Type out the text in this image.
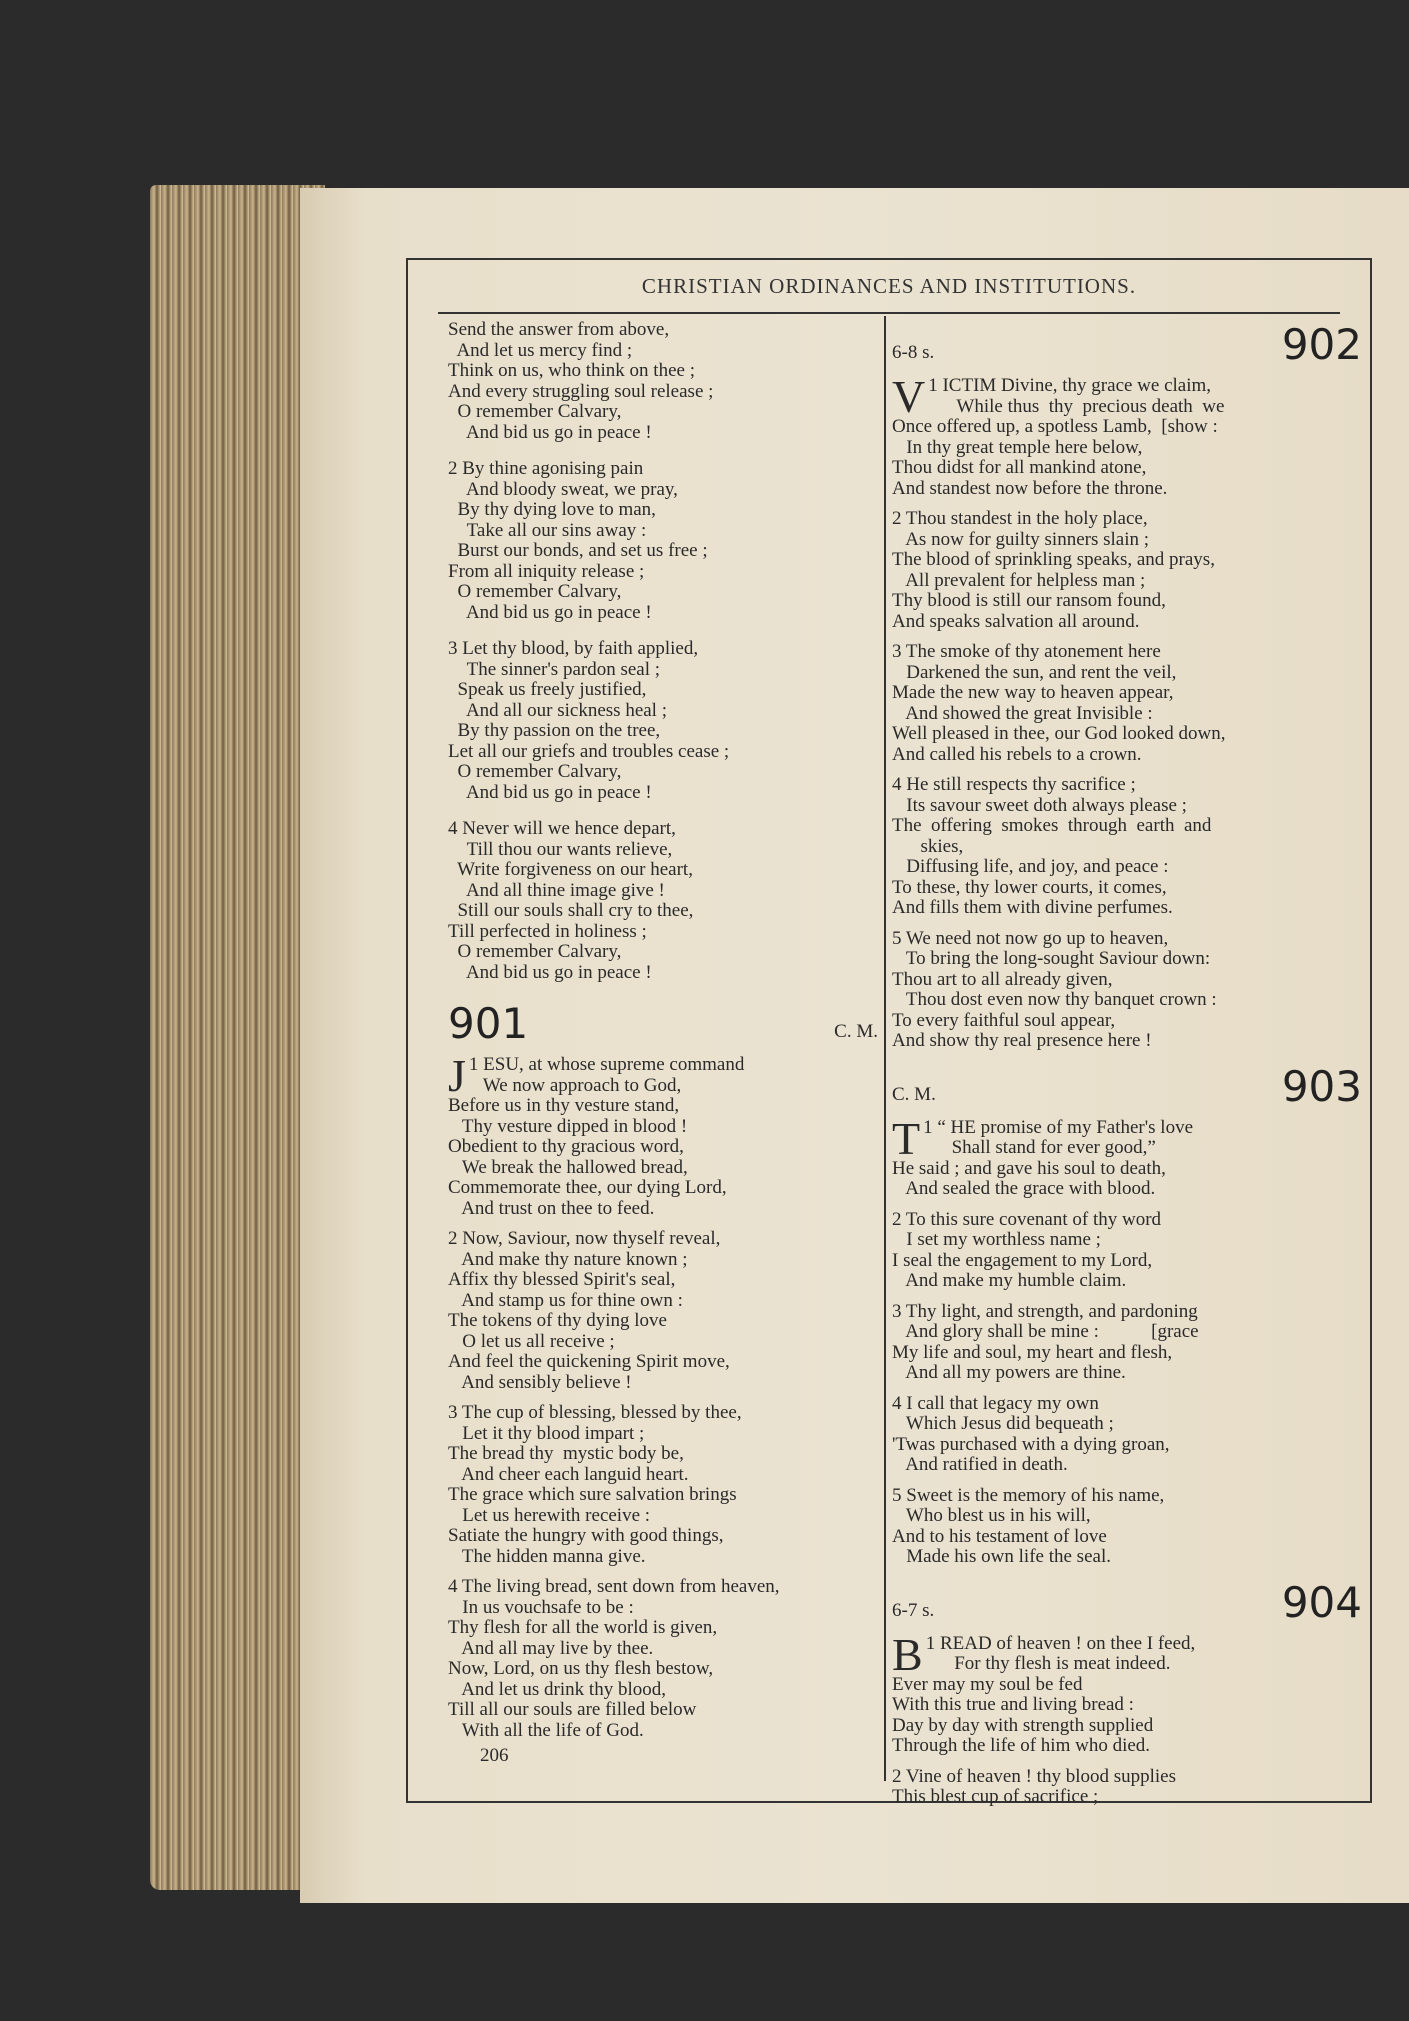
CHRISTIAN ORDINANCES AND INSTITUTIONS.
Send the answer from above,
And let us mercy find ;
Think on us, who think on thee ;
And every struggling soul release ;
O remember Calvary,
And bid us go in peace !
2 By thine agonising pain
And bloody sweat, we pray,
By thy dying love to man,
Take all our sins away :
Burst our bonds, and set us free ;
From all iniquity release ;
O remember Calvary,
And bid us go in peace !
3 Let thy blood, by faith applied,
The sinner's pardon seal ;
Speak us freely justified,
And all our sickness heal ;
By thy passion on the tree,
Let all our griefs and troubles cease ;
O remember Calvary,
And bid us go in peace !
4 Never will we hence depart,
Till thou our wants relieve,
Write forgiveness on our heart,
And all thine image give !
Still our souls shall cry to thee,
Till perfected in holiness ;
O remember Calvary,
And bid us go in peace !
901	C. M.
1
J ESU, at whose supreme command
We now approach to God,
Before us in thy vesture stand,
Thy vesture dipped in blood !
Obedient to thy gracious word,
We break the hallowed bread,
Commemorate thee, our dying Lord,
And trust on thee to feed.
2 Now, Saviour, now thyself reveal,
And make thy nature known ;
Affix thy blessed Spirit's seal,
And stamp us for thine own :
The tokens of thy dying love
O let us all receive ;
And feel the quickening Spirit move,
And sensibly believe !
3 The cup of blessing, blessed by thee,
Let it thy blood impart ;
The bread thy  mystic body be,
And cheer each languid heart.
The grace which sure salvation brings
Let us herewith receive :
Satiate the hungry with good things,
The hidden manna give.
4 The living bread, sent down from heaven,
In us vouchsafe to be :
Thy flesh for all the world is given,
And all may live by thee.
Now, Lord, on us thy flesh bestow,
And let us drink thy blood,
Till all our souls are filled below
With all the life of God.
206
6-8 s.	902
1
V ICTIM Divine, thy grace we claim,
While thus  thy  precious death  we
Once offered up, a spotless Lamb,  [show :
In thy great temple here below,
Thou didst for all mankind atone,
And standest now before the throne.
2 Thou standest in the holy place,
As now for guilty sinners slain ;
The blood of sprinkling speaks, and prays,
All prevalent for helpless man ;
Thy blood is still our ransom found,
And speaks salvation all around.
3 The smoke of thy atonement here
Darkened the sun, and rent the veil,
Made the new way to heaven appear,
And showed the great Invisible :
Well pleased in thee, our God looked down,
And called his rebels to a crown.
4 He still respects thy sacrifice ;
Its savour sweet doth always please ;
The  offering  smokes  through  earth  and
skies,
Diffusing life, and joy, and peace :
To these, thy lower courts, it comes,
And fills them with divine perfumes.
5 We need not now go up to heaven,
To bring the long-sought Saviour down:
Thou art to all already given,
Thou dost even now thy banquet crown :
To every faithful soul appear,
And show thy real presence here !
C. M.	903
1 “
T HE promise of my Father's love
Shall stand for ever good,”
He said ; and gave his soul to death,
And sealed the grace with blood.
2 To this sure covenant of thy word
I set my worthless name ;
I seal the engagement to my Lord,
And make my humble claim.
3 Thy light, and strength, and pardoning
And glory shall be mine :           [grace
My life and soul, my heart and flesh,
And all my powers are thine.
4 I call that legacy my own
Which Jesus did bequeath ;
'Twas purchased with a dying groan,
And ratified in death.
5 Sweet is the memory of his name,
Who blest us in his will,
And to his testament of love
Made his own life the seal.
6-7 s.	904
1
B READ of heaven ! on thee I feed,
For thy flesh is meat indeed.
Ever may my soul be fed
With this true and living bread :
Day by day with strength supplied
Through the life of him who died.
2 Vine of heaven ! thy blood supplies
This blest cup of sacrifice ;
